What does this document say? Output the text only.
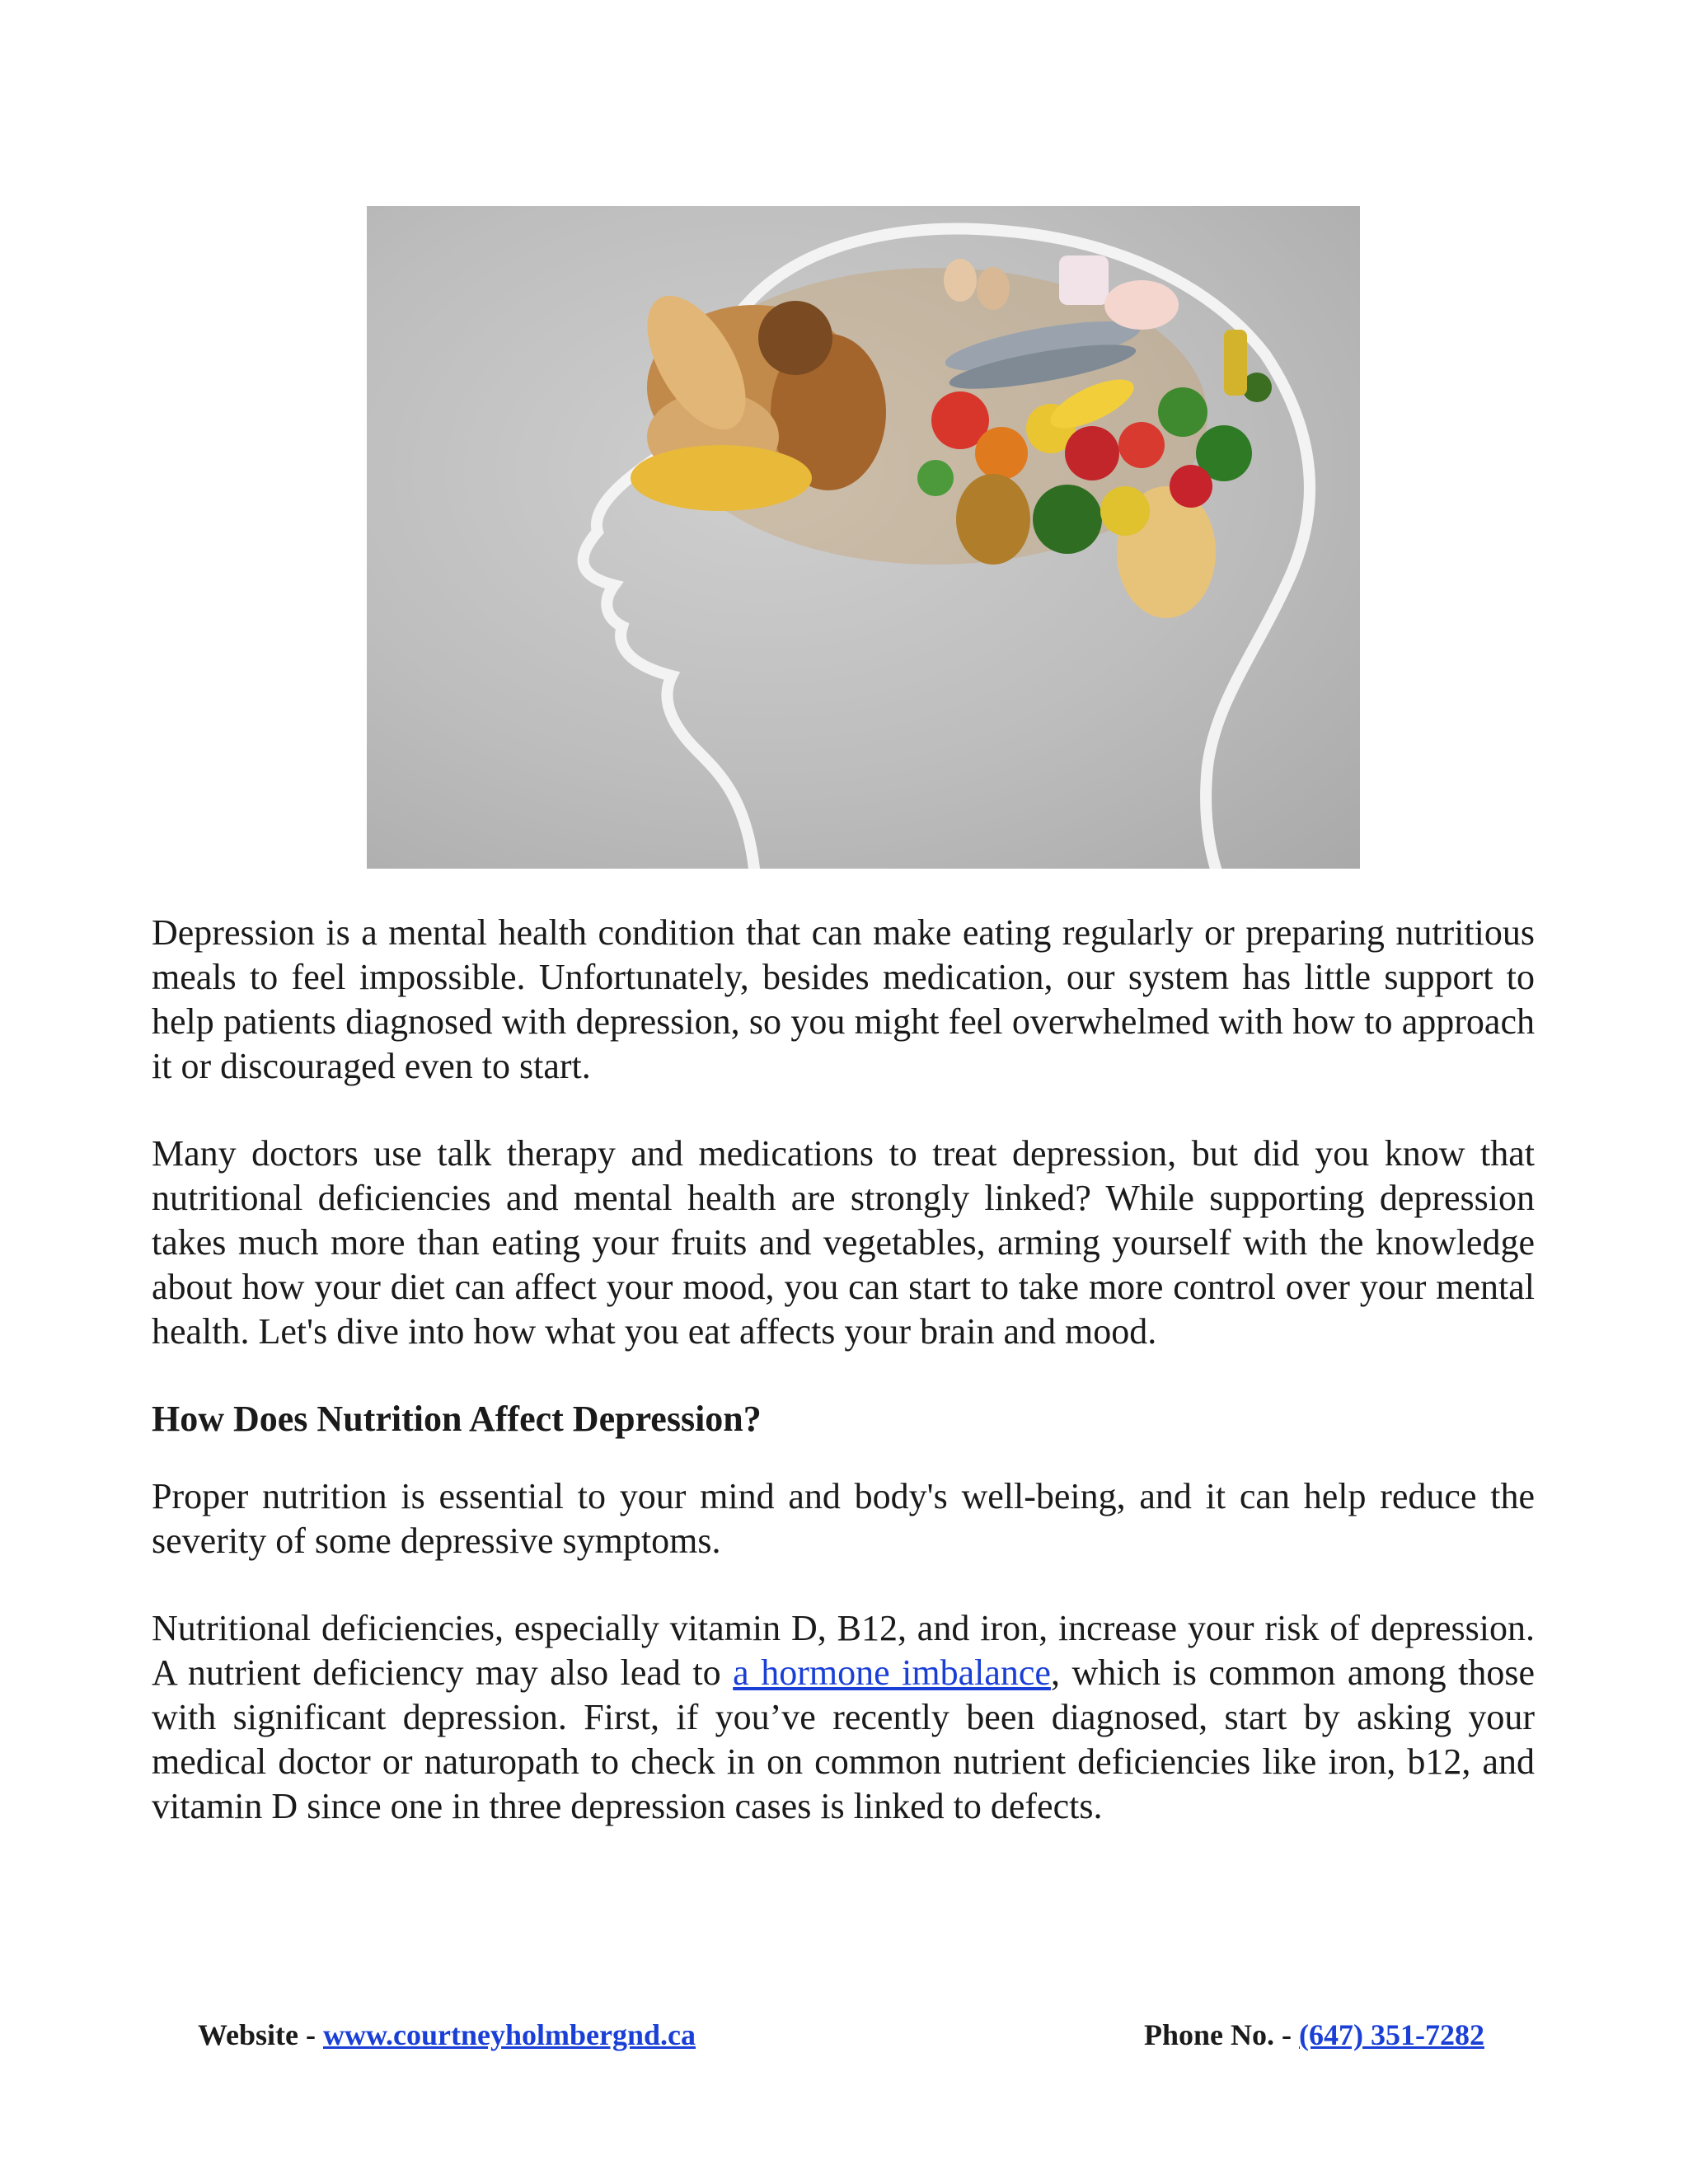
Depression is a mental health condition that can make eating regularly or preparing nutritious meals to feel impossible. Unfortunately, besides medication, our system has little support to help patients diagnosed with depression, so you might feel overwhelmed with how to approach it or discouraged even to start.

Many doctors use talk therapy and medications to treat depression, but did you know that nutritional deficiencies and mental health are strongly linked? While supporting depression takes much more than eating your fruits and vegetables, arming yourself with the knowledge about how your diet can affect your mood, you can start to take more control over your mental health. Let's dive into how what you eat affects your brain and mood.

How Does Nutrition Affect Depression?

Proper nutrition is essential to your mind and body's well-being, and it can help reduce the severity of some depressive symptoms.

Nutritional deficiencies, especially vitamin D, B12, and iron, increase your risk of depression. A nutrient deficiency may also lead to a hormone imbalance, which is common among those with significant depression. First, if you’ve recently been diagnosed, start by asking your medical doctor or naturopath to check in on common nutrient deficiencies like iron, b12, and vitamin D since one in three depression cases is linked to defects.

Website - www.courtneyholmbergnd.ca	Phone No. - (647) 351-7282
